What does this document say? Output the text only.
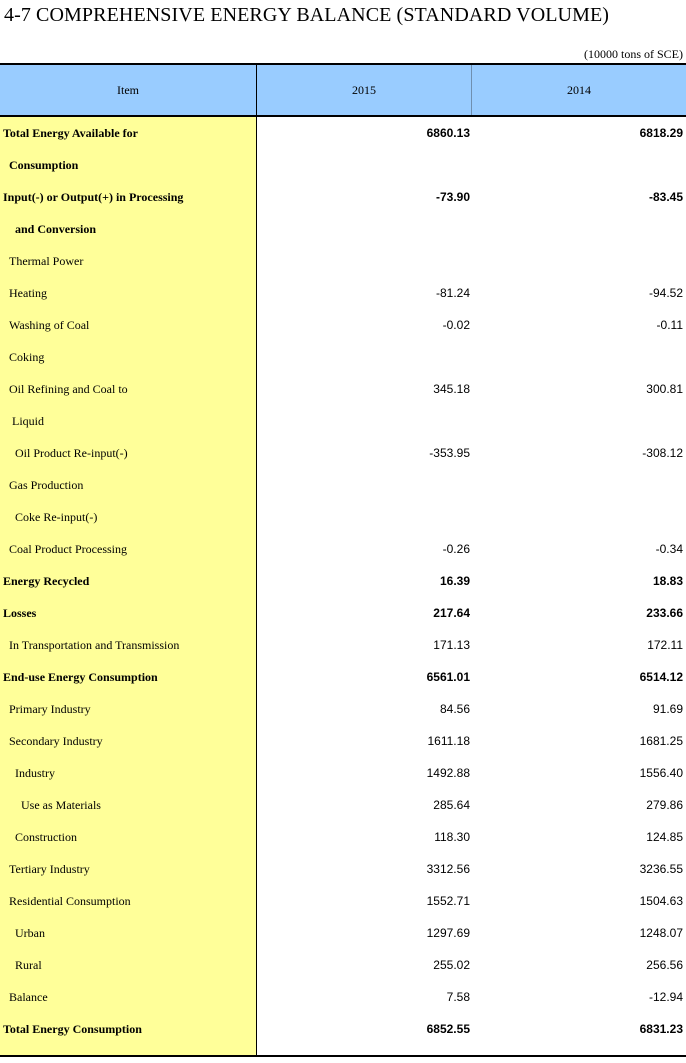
4-7 COMPREHENSIVE ENERGY BALANCE (STANDARD VOLUME)
(10000 tons of SCE)
Item	2015	2014
Total Energy Available for	6860.13	6818.29
Consumption
Input(-) or Output(+) in Processing	-73.90	-83.45
and Conversion
Thermal Power
Heating	-81.24	-94.52
Washing of Coal	-0.02	-0.11
Coking
Oil Refining and Coal to	345.18	300.81
Liquid
Oil Product Re-input(-)	-353.95	-308.12
Gas Production
Coke Re-input(-)
Coal Product Processing	-0.26	-0.34
Energy Recycled	16.39	18.83
Losses	217.64	233.66
In Transportation and Transmission	171.13	172.11
End-use Energy Consumption	6561.01	6514.12
Primary Industry	84.56	91.69
Secondary Industry	1611.18	1681.25
Industry	1492.88	1556.40
Use as Materials	285.64	279.86
Construction	118.30	124.85
Tertiary Industry	3312.56	3236.55
Residential Consumption	1552.71	1504.63
Urban	1297.69	1248.07
Rural	255.02	256.56
Balance	7.58	-12.94
Total Energy Consumption	6852.55	6831.23
